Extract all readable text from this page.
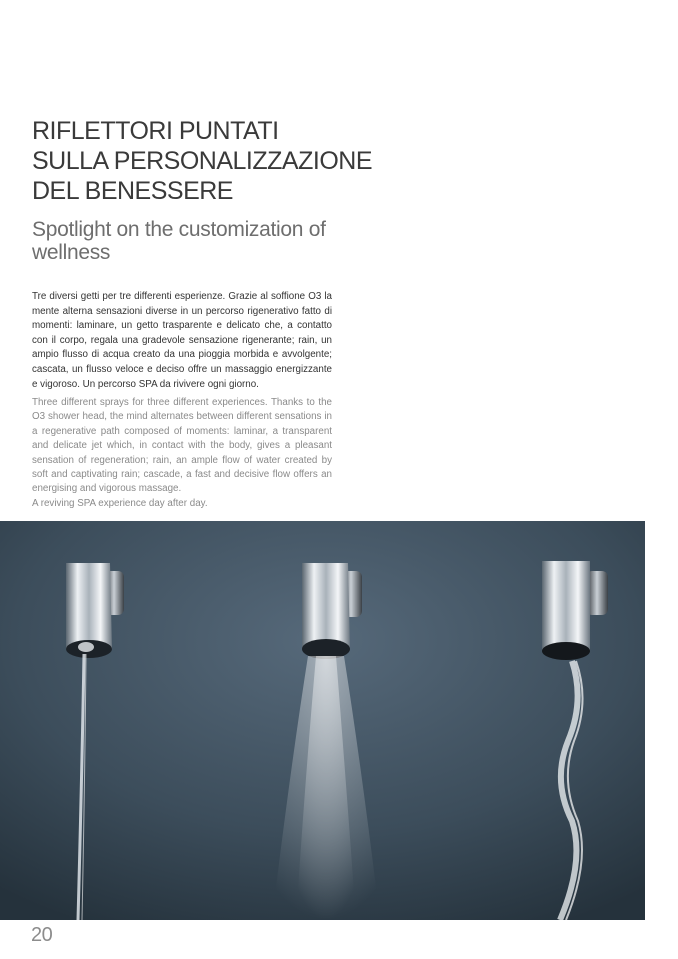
RIFLETTORI PUNTATI
SULLA PERSONALIZZAZIONE
DEL BENESSERE
Spotlight on the customization of wellness

Tre diversi getti per tre differenti esperienze. Grazie al soffione O3 la mente alterna sensazioni diverse in un percorso rigenerativo fatto di momenti: laminare, un getto trasparente e delicato che, a contatto con il corpo, regala una gradevole sensazione rigenerante; rain, un ampio flusso di acqua creato da una pioggia morbida e avvolgente; cascata, un flusso veloce e deciso offre un massaggio energizzante e vigoroso. Un percorso SPA da rivivere ogni giorno.

Three different sprays for three different experiences. Thanks to the O3 shower head, the mind alternates between different sensations in a regenerative path composed of moments: laminar, a transparent and delicate jet which, in contact with the body, gives a pleasant sensation of regeneration; rain, an ample flow of water created by soft and captivating rain; cascade, a fast and decisive flow offers an energising and vigorous massage.
A reviving SPA experience day after day.

20
